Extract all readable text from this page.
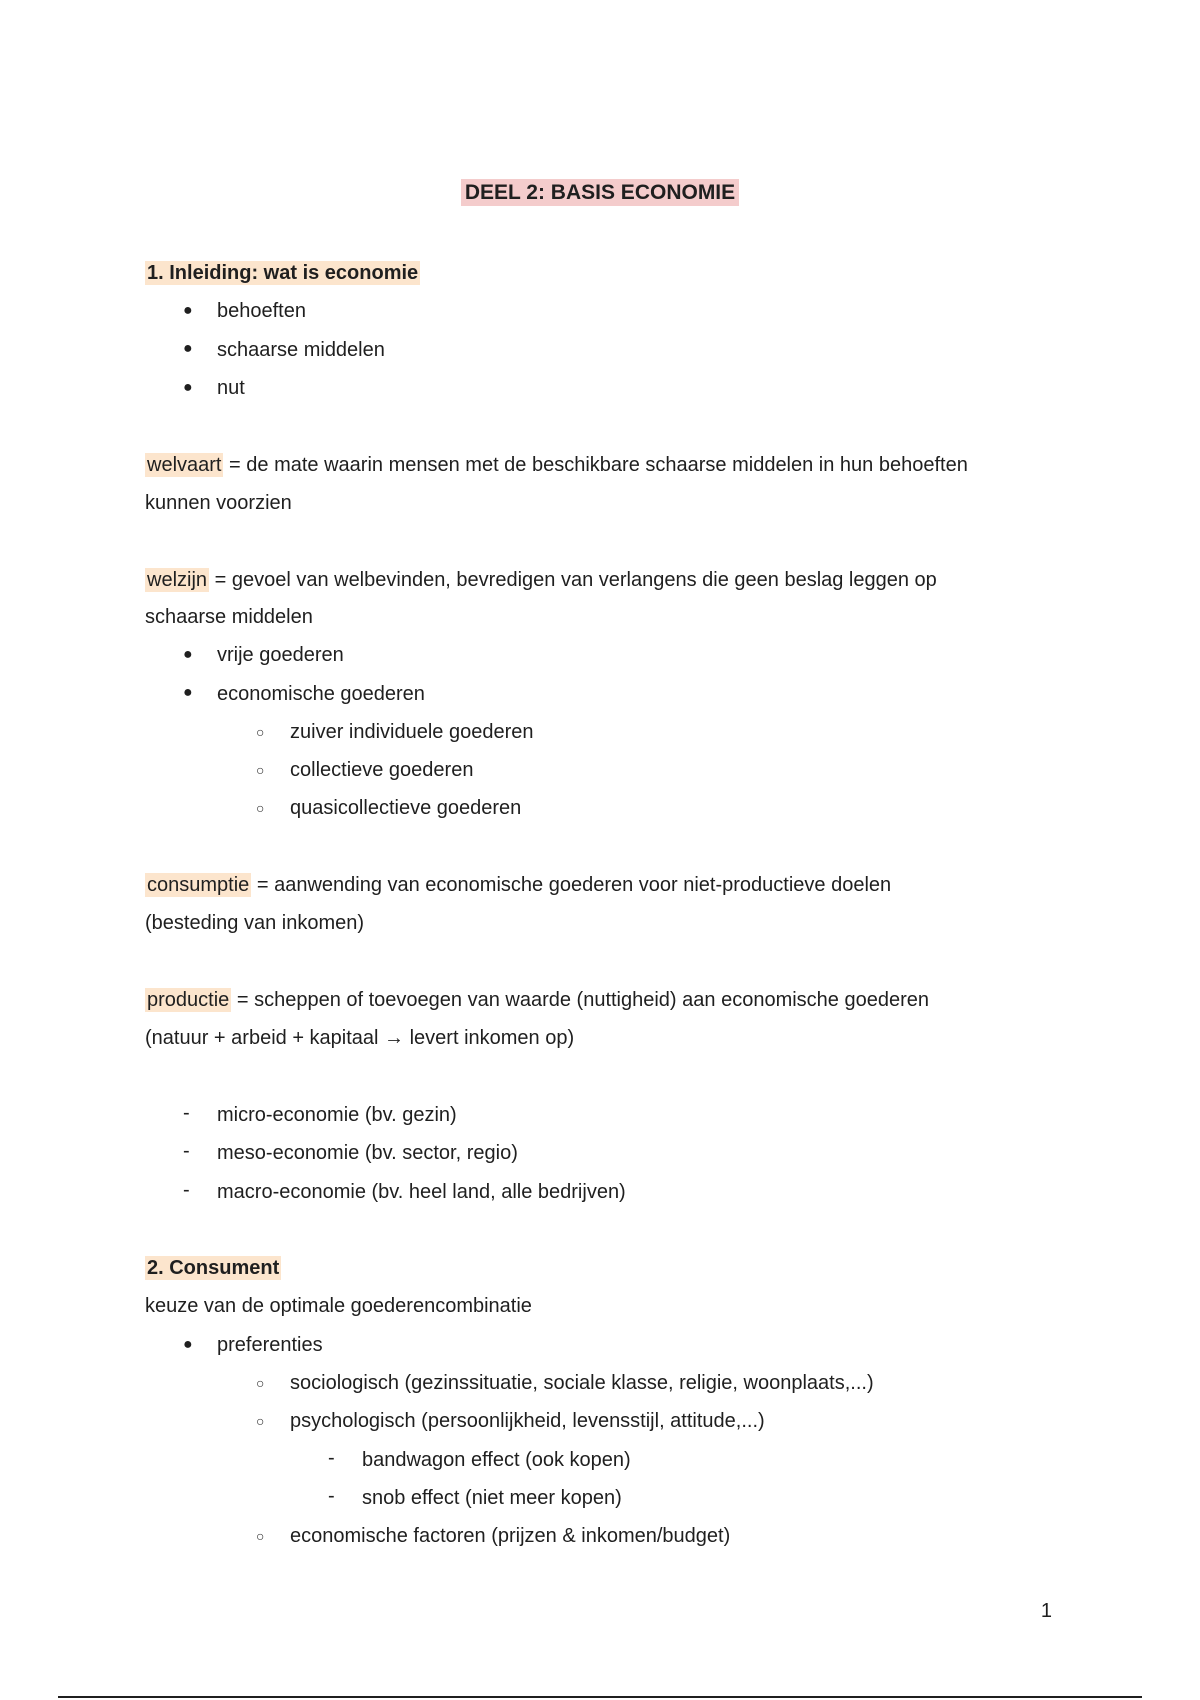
DEEL 2: BASIS ECONOMIE
1. Inleiding: wat is economie
● behoeften
● schaarse middelen
● nut
welvaart = de mate waarin mensen met de beschikbare schaarse middelen in hun behoeften
kunnen voorzien
welzijn = gevoel van welbevinden, bevredigen van verlangens die geen beslag leggen op
schaarse middelen
● vrije goederen
● economische goederen
○ zuiver individuele goederen
○ collectieve goederen
○ quasicollectieve goederen
consumptie = aanwending van economische goederen voor niet-productieve doelen
(besteding van inkomen)
productie = scheppen of toevoegen van waarde (nuttigheid) aan economische goederen
(natuur + arbeid + kapitaal → levert inkomen op)
- micro-economie (bv. gezin)
- meso-economie (bv. sector, regio)
- macro-economie (bv. heel land, alle bedrijven)
2. Consument
keuze van de optimale goederencombinatie
● preferenties
○ sociologisch (gezinssituatie, sociale klasse, religie, woonplaats,...)
○ psychologisch (persoonlijkheid, levensstijl, attitude,...)
- bandwagon effect (ook kopen)
- snob effect (niet meer kopen)
○ economische factoren (prijzen & inkomen/budget)
1
